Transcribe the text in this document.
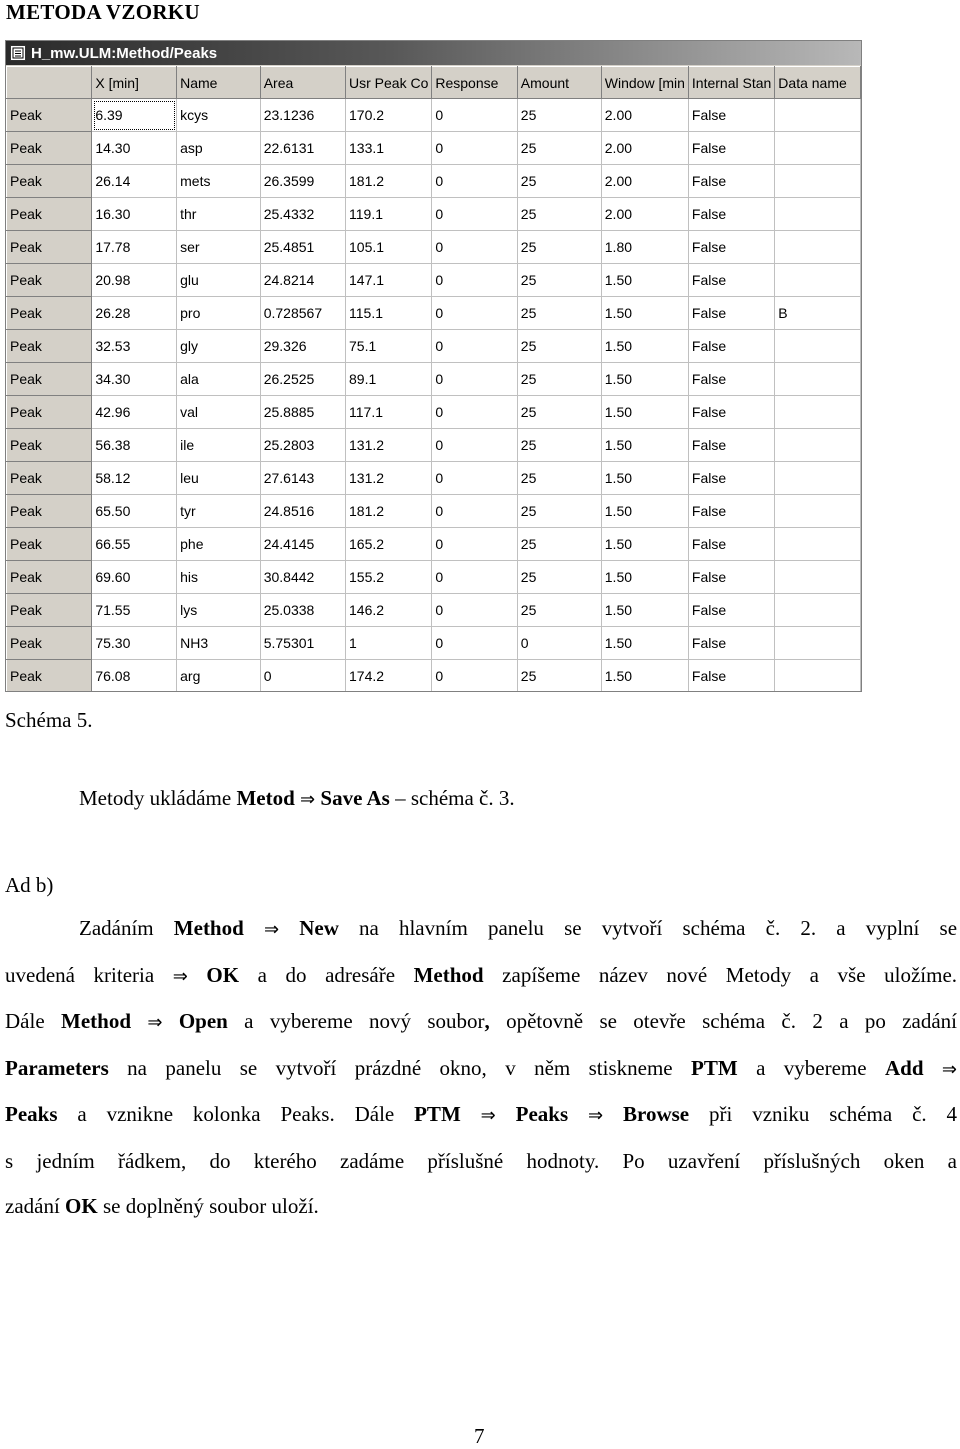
METODA VZORKU
H_mw.ULM:Method/Peaks
	X [min]	Name	Area	Usr Peak Co	Response	Amount	Window [min	Internal Stan	Data name
Peak	6.39	kcys	23.1236	170.2	0	25	2.00	False	
Peak	14.30	asp	22.6131	133.1	0	25	2.00	False	
Peak	26.14	mets	26.3599	181.2	0	25	2.00	False	
Peak	16.30	thr	25.4332	119.1	0	25	2.00	False	
Peak	17.78	ser	25.4851	105.1	0	25	1.80	False	
Peak	20.98	glu	24.8214	147.1	0	25	1.50	False	
Peak	26.28	pro	0.728567	115.1	0	25	1.50	False	B
Peak	32.53	gly	29.326	75.1	0	25	1.50	False	
Peak	34.30	ala	26.2525	89.1	0	25	1.50	False	
Peak	42.96	val	25.8885	117.1	0	25	1.50	False	
Peak	56.38	ile	25.2803	131.2	0	25	1.50	False	
Peak	58.12	leu	27.6143	131.2	0	25	1.50	False	
Peak	65.50	tyr	24.8516	181.2	0	25	1.50	False	
Peak	66.55	phe	24.4145	165.2	0	25	1.50	False	
Peak	69.60	his	30.8442	155.2	0	25	1.50	False	
Peak	71.55	lys	25.0338	146.2	0	25	1.50	False	
Peak	75.30	NH3	5.75301	1	0	0	1.50	False	
Peak	76.08	arg	0	174.2	0	25	1.50	False	
Schéma 5.
Metody ukládáme Metod ⇒ Save As – schéma č. 3.
Ad b)
Zadáním Method ⇒ New na hlavním panelu se vytvoří schéma č. 2. a vyplní se
uvedená kriteria ⇒ OK a do adresáře Method zapíšeme název nové Metody a vše uložíme.
Dále Method ⇒ Open a vybereme nový soubor, opětovně se otevře schéma č. 2 a po zadání
Parameters na panelu se vytvoří prázdné okno, v něm stiskneme PTM a vybereme Add ⇒
Peaks a vznikne kolonka Peaks. Dále PTM ⇒ Peaks ⇒ Browse při vzniku schéma č. 4
s jedním řádkem, do kterého zadáme příslušné hodnoty. Po uzavření příslušných oken a
zadání OK se doplněný soubor uloží.
7
